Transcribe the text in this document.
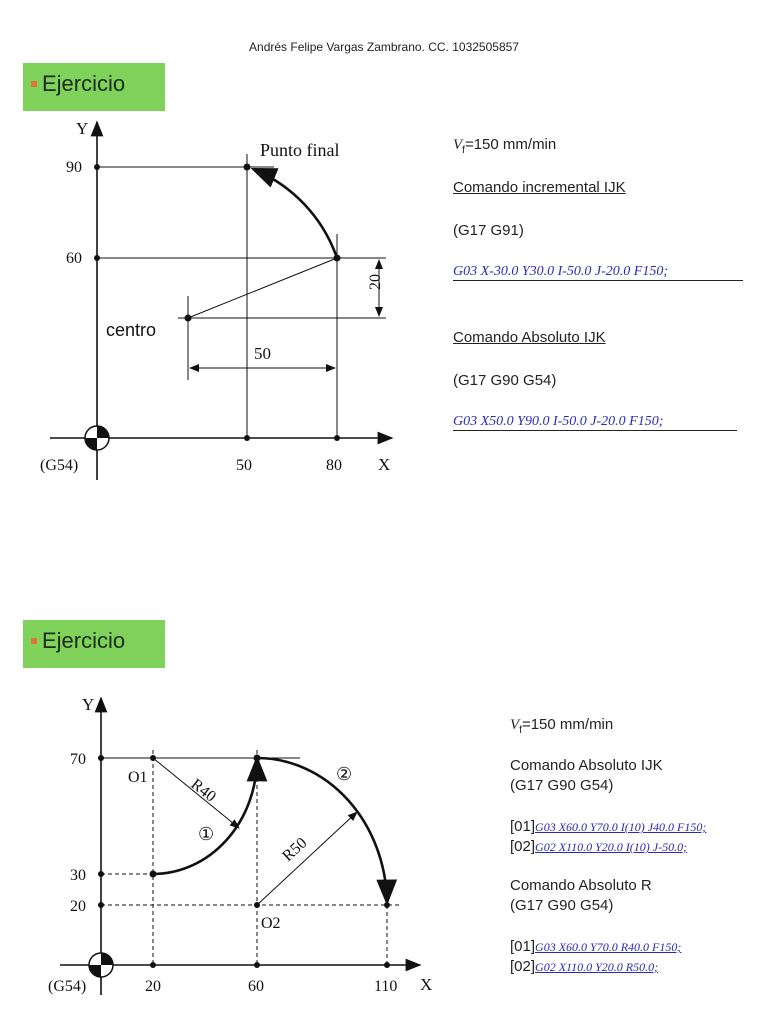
Andrés Felipe Vargas Zambrano. CC. 1032505857
Ejercicio
Y
X
50
20
90
60
50	80
Punto final
centro
(G54)
$V_f=150$ mm/min
Comando incremental IJK
(G17 G91)
G03 X-30.0 Y30.0 I-50.0 J-20.0 F150;
Comando Absoluto IJK
(G17 G90 G54)
G03 X50.0 Y90.0 I-50.0 J-20.0 F150;
Ejercicio
Y
X
70
30
20
20	60	110
O1
O2
R40
R50
①
②
(G54)
$V_f=150$ mm/min
Comando Absoluto IJK
(G17 G90 G54)
[01]G03 X60.0 Y70.0 I(10) J40.0 F150;
[02]G02 X110.0 Y20.0 I(10) J-50.0;
Comando Absoluto R
(G17 G90 G54)
[01]G03 X60.0 Y70.0 R40.0 F150;
[02]G02 X110.0 Y20.0 R50.0;
